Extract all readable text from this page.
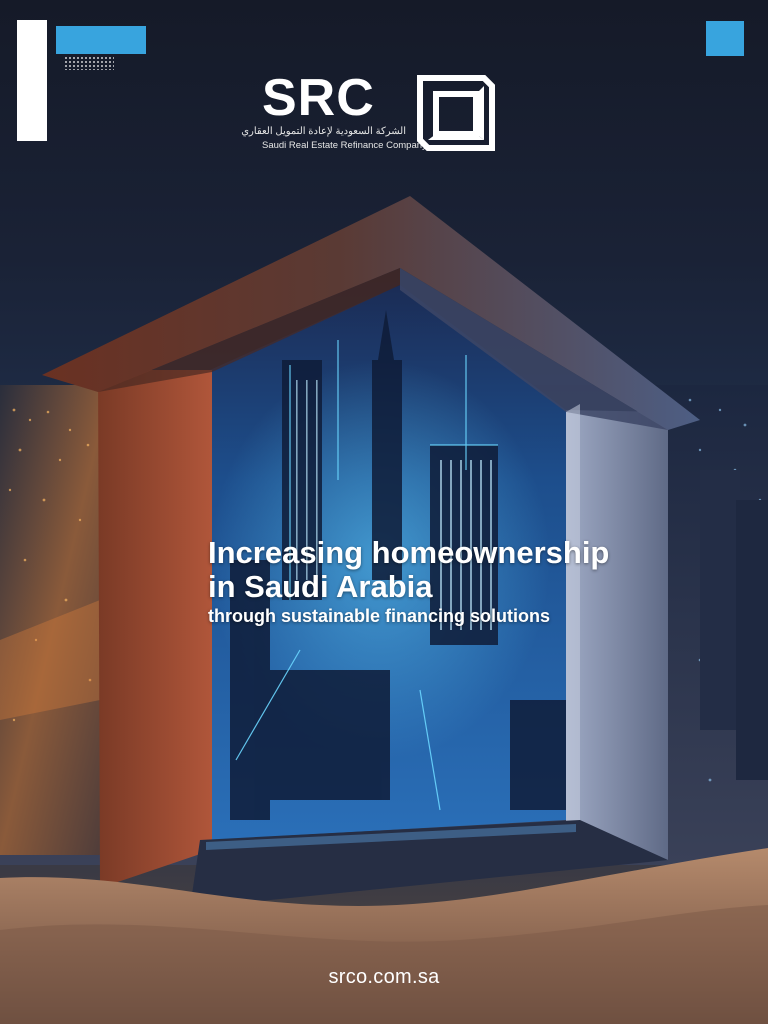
SRC
الشركة السعودية لإعادة التمويل العقاري
Saudi Real Estate Refinance Company
Increasing homeownership
in Saudi Arabia
through sustainable financing solutions
srco.com.sa
